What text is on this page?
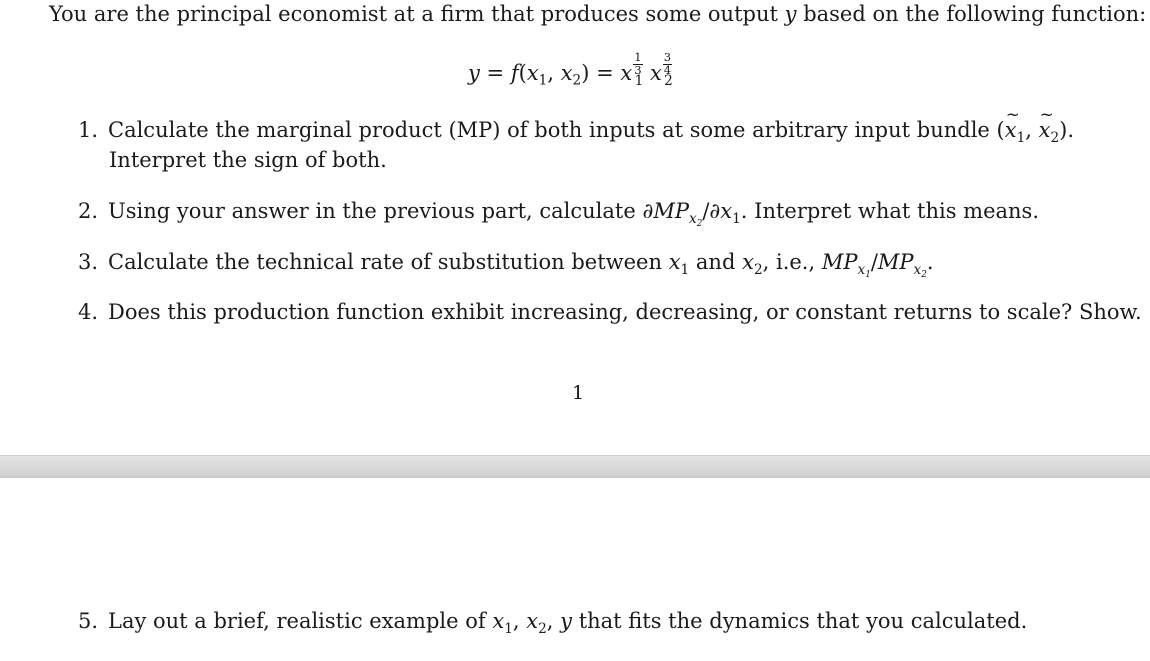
You are the principal economist at a firm that produces some output y based on the following function:
$y = f(x_1$, $x_2) = x \frac{1}{3}$
$_1$ x $\frac{3}{4}$
$_2$
1. Calculate the marginal product (MP) of both inputs at some arbitrary input bundle (~ $x_1$, ~ $x_2$).
Interpret the sign of both.
2. Using your answer in the previous part, calculate $\partial MP_{x_2}/\partial x_1$. Interpret what this means.
3. Calculate the technical rate of substitution between $x_1$ and $x_2$, i.e., $MP_{x_1}/MP_{x_2}$.
4. Does this production function exhibit increasing, decreasing, or constant returns to scale? Show.
1
5. Lay out a brief, realistic example of $x_1$, $x_2$, y that fits the dynamics that you calculated.
